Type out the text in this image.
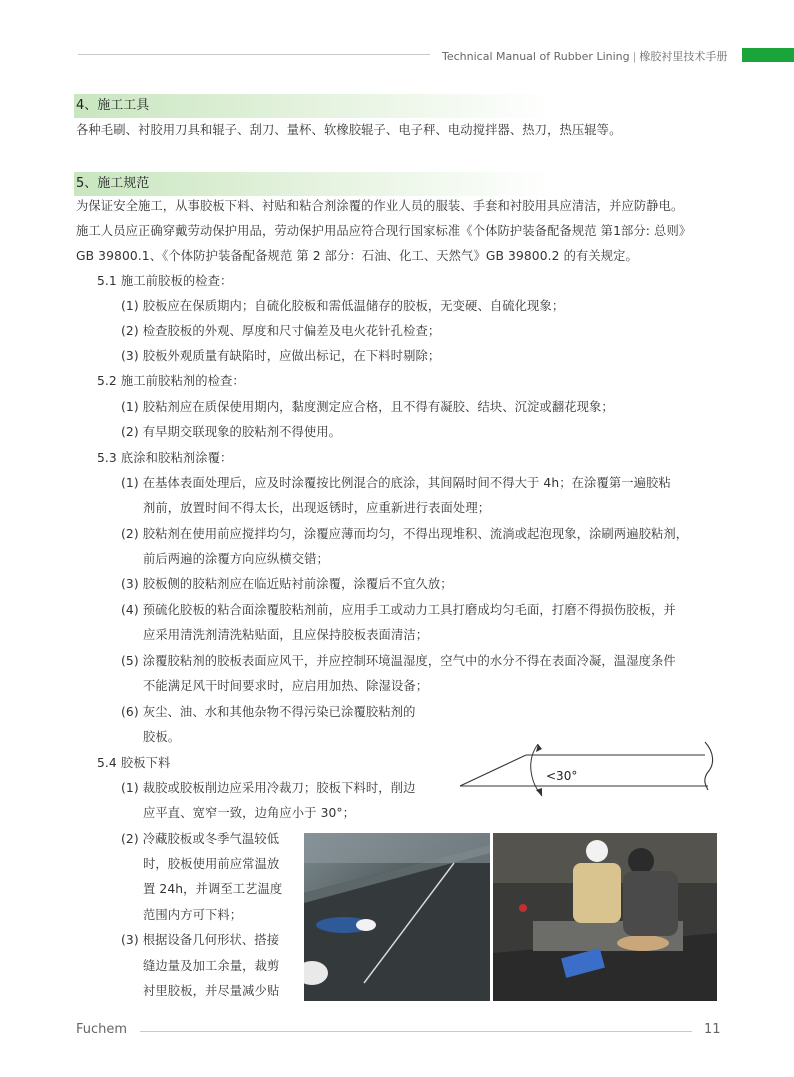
Technical Manual of Rubber Lining | 橡胶衬里技术手册
4、施工工具
各种毛刷、衬胶用刀具和辊子、刮刀、量杯、软橡胶辊子、电子秤、电动搅拌器、热刀，热压辊等。
5、施工规范
为保证安全施工，从事胶板下料、衬贴和粘合剂涂覆的作业人员的服装、手套和衬胶用具应清洁，并应防静电。
施工人员应正确穿戴劳动保护用品，劳动保护用品应符合现行国家标准《个体防护装备配备规范 第1部分: 总则》
GB 39800.1、《个体防护装备配备规范 第 2 部分：石油、化工、天然气》GB 39800.2 的有关规定。
5.1 施工前胶板的检查：
(1) 胶板应在保质期内；自硫化胶板和需低温储存的胶板，无变硬、自硫化现象；
(2) 检查胶板的外观、厚度和尺寸偏差及电火花针孔检查；
(3) 胶板外观质量有缺陷时，应做出标记，在下料时剔除；
5.2 施工前胶粘剂的检查：
(1) 胶粘剂应在质保使用期内，黏度测定应合格，且不得有凝胶、结块、沉淀或翻花现象；
(2) 有早期交联现象的胶粘剂不得使用。
5.3 底涂和胶粘剂涂覆：
(1) 在基体表面处理后，应及时涂覆按比例混合的底涂，其间隔时间不得大于 4h；在涂覆第一遍胶粘
剂前，放置时间不得太长，出现返锈时，应重新进行表面处理；
(2) 胶粘剂在使用前应搅拌均匀，涂覆应薄而均匀，不得出现堆积、流淌或起泡现象，涂刷两遍胶粘剂，
前后两遍的涂覆方向应纵横交错；
(3) 胶板侧的胶粘剂应在临近贴衬前涂覆，涂覆后不宜久放；
(4) 预硫化胶板的粘合面涂覆胶粘剂前，应用手工或动力工具打磨成均匀毛面，打磨不得损伤胶板，并
应采用清洗剂清洗粘贴面，且应保持胶板表面清洁；
(5) 涂覆胶粘剂的胶板表面应风干，并应控制环境温湿度，空气中的水分不得在表面冷凝，温湿度条件
不能满足风干时间要求时，应启用加热、除湿设备；
(6) 灰尘、油、水和其他杂物不得污染已涂覆胶粘剂的
胶板。
5.4 胶板下料
(1) 裁胶或胶板削边应采用冷裁刀；胶板下料时，削边
应平直、宽窄一致，边角应小于 30°；
(2) 冷藏胶板或冬季气温较低
时，胶板使用前应常温放
置 24h，并调至工艺温度
范围内方可下料；
(3) 根据设备几何形状、搭接
缝边量及加工余量，裁剪
衬里胶板，并尽量减少贴
<30°
Fuchem	11
